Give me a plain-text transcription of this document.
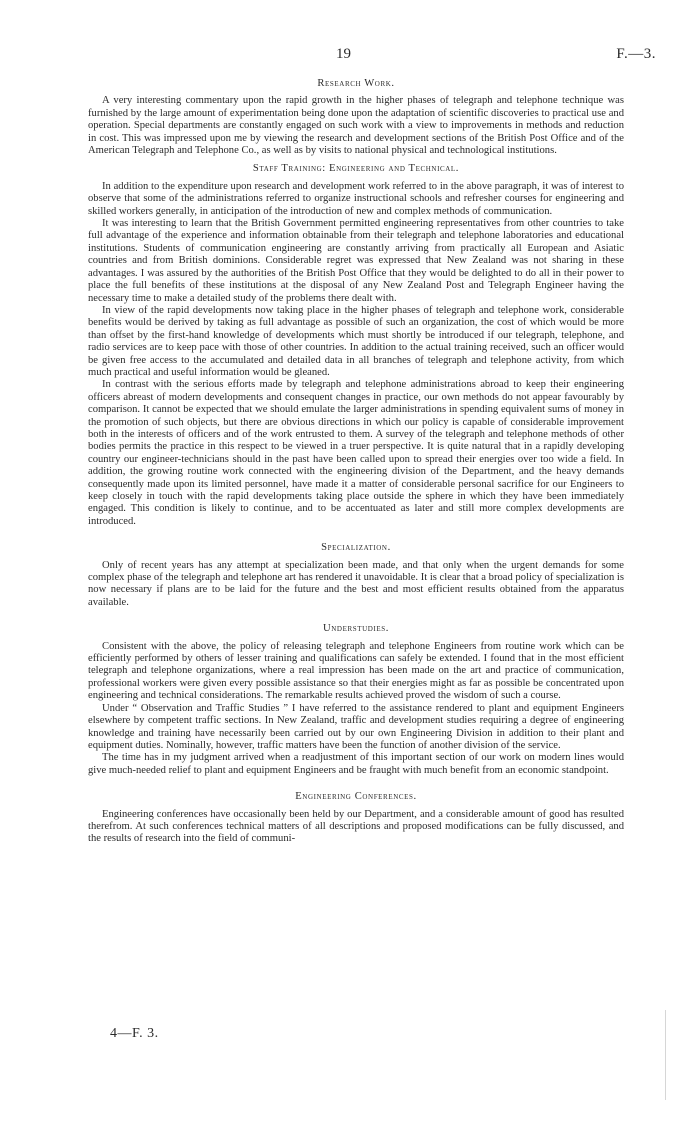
19	F.—3.
Research Work.

A very interesting commentary upon the rapid growth in the higher phases of telegraph and telephone technique was furnished by the large amount of experimentation being done upon the adaptation of scientific discoveries to practical use and operation. Special departments are constantly engaged on such work with a view to improvements in methods and reduction in cost. This was impressed upon me by viewing the research and development sections of the British Post Office and of the American Telegraph and Telephone Co., as well as by visits to national physical and technological institutions.

Staff Training: Engineering and Technical.

In addition to the expenditure upon research and development work referred to in the above paragraph, it was of interest to observe that some of the administrations referred to organize instructional schools and refresher courses for engineering and skilled workers generally, in anticipation of the introduction of new and complex methods of communication.

It was interesting to learn that the British Government permitted engineering representatives from other countries to take full advantage of the experience and information obtainable from their telegraph and telephone laboratories and educational institutions. Students of communication engineering are constantly arriving from practically all European and Asiatic countries and from British dominions. Considerable regret was expressed that New Zealand was not sharing in these advantages. I was assured by the authorities of the British Post Office that they would be delighted to do all in their power to place the full benefits of these institutions at the disposal of any New Zealand Post and Telegraph Engineer having the necessary time to make a detailed study of the problems there dealt with.

In view of the rapid developments now taking place in the higher phases of telegraph and telephone work, considerable benefits would be derived by taking as full advantage as possible of such an organization, the cost of which would be more than offset by the first-hand knowledge of developments which must shortly be introduced if our telegraph, telephone, and radio services are to keep pace with those of other countries. In addition to the actual training received, such an officer would be given free access to the accumulated and detailed data in all branches of telegraph and telephone activity, from which much practical and useful information would be gleaned.

In contrast with the serious efforts made by telegraph and telephone administrations abroad to keep their engineering officers abreast of modern developments and consequent changes in practice, our own methods do not appear favourably by comparison. It cannot be expected that we should emulate the larger administrations in spending equivalent sums of money in the promotion of such objects, but there are obvious directions in which our policy is capable of considerable improvement both in the interests of officers and of the work entrusted to them. A survey of the telegraph and telephone methods of other bodies permits the practice in this respect to be viewed in a truer perspective. It is quite natural that in a rapidly developing country our engineer-technicians should in the past have been called upon to spread their energies over too wide a field. In addition, the growing routine work connected with the engineering division of the Department, and the heavy demands consequently made upon its limited personnel, have made it a matter of considerable personal sacrifice for our Engineers to keep closely in touch with the rapid developments taking place outside the sphere in which they have been immediately engaged. This condition is likely to continue, and to be accentuated as later and still more complex developments are introduced.

Specialization.

Only of recent years has any attempt at specialization been made, and that only when the urgent demands for some complex phase of the telegraph and telephone art has rendered it unavoidable. It is clear that a broad policy of specialization is now necessary if plans are to be laid for the future and the best and most efficient results obtained from the apparatus available.

Understudies.

Consistent with the above, the policy of releasing telegraph and telephone Engineers from routine work which can be efficiently performed by others of lesser training and qualifications can safely be extended. I found that in the most efficient telegraph and telephone organizations, where a real impression has been made on the art and practice of communication, professional workers were given every possible assistance so that their energies might as far as possible be concentrated upon engineering and technical considerations. The remarkable results achieved proved the wisdom of such a course.

Under “ Observation and Traffic Studies ” I have referred to the assistance rendered to plant and equipment Engineers elsewhere by competent traffic sections. In New Zealand, traffic and development studies requiring a degree of engineering knowledge and training have necessarily been carried out by our own Engineering Division in addition to their plant and equipment duties. Nominally, however, traffic matters have been the function of another division of the service.

The time has in my judgment arrived when a readjustment of this important section of our work on modern lines would give much-needed relief to plant and equipment Engineers and be fraught with much benefit from an economic standpoint.

Engineering Conferences.

Engineering conferences have occasionally been held by our Department, and a considerable amount of good has resulted therefrom. At such conferences technical matters of all descriptions and proposed modifications can be fully discussed, and the results of research into the field of communi-

4—F. 3.
